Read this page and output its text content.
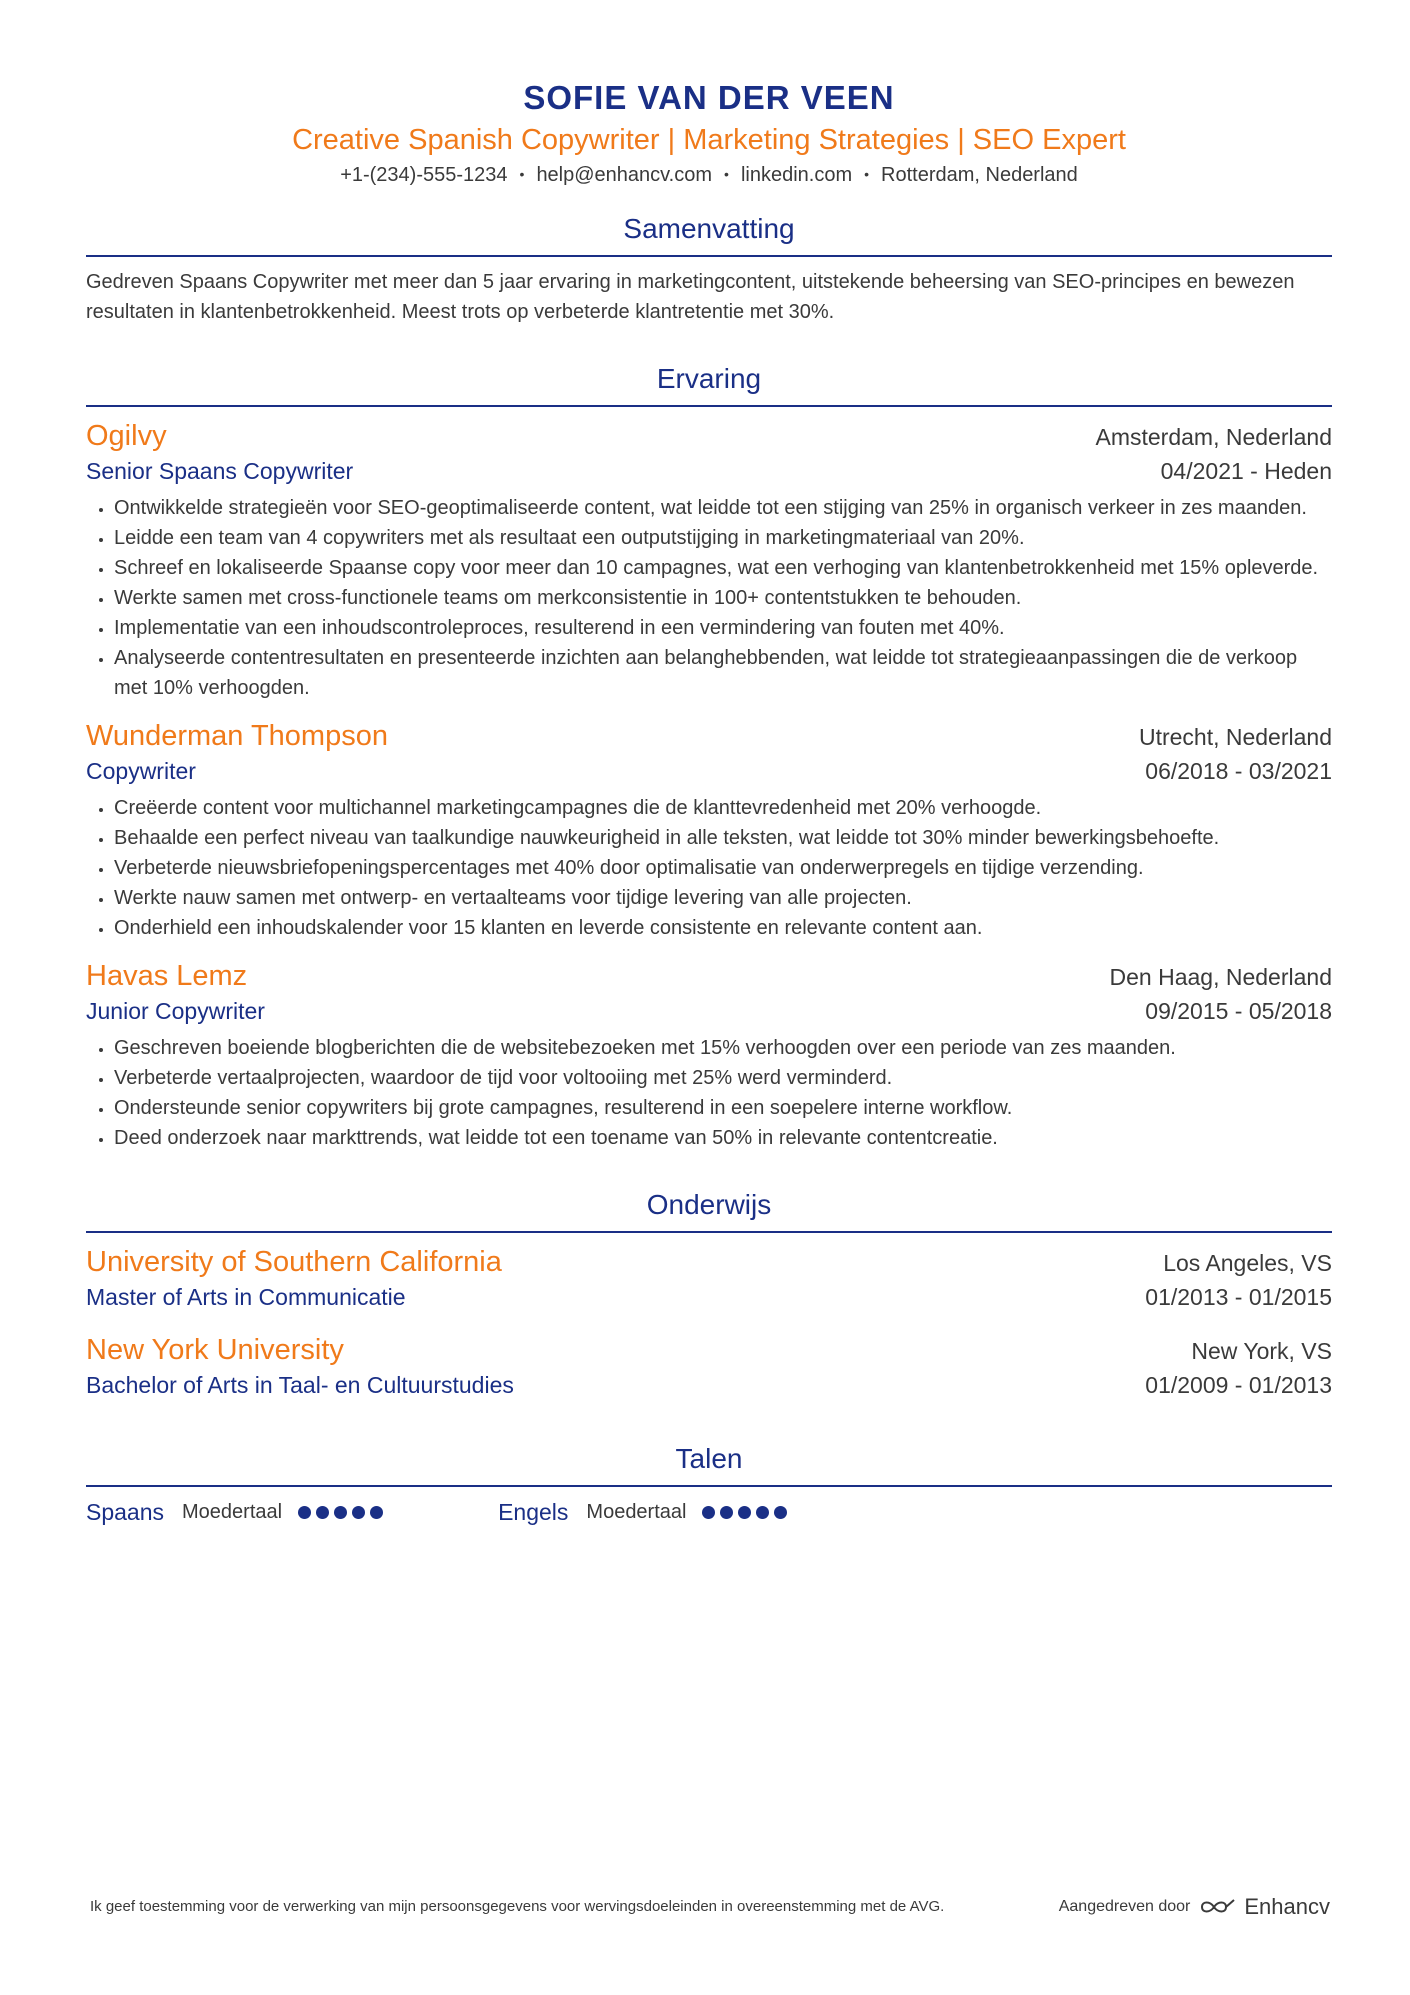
SOFIE VAN DER VEEN
Creative Spanish Copywriter | Marketing Strategies | SEO Expert
+1-(234)-555-1234 • help@enhancv.com • linkedin.com • Rotterdam, Nederland
Samenvatting
Gedreven Spaans Copywriter met meer dan 5 jaar ervaring in marketingcontent, uitstekende beheersing van SEO-principes en bewezen resultaten in klantenbetrokkenheid. Meest trots op verbeterde klantretentie met 30%.
Ervaring
Ogilvy	Amsterdam, Nederland
Senior Spaans Copywriter	04/2021 - Heden
• Ontwikkelde strategieën voor SEO-geoptimaliseerde content, wat leidde tot een stijging van 25% in organisch verkeer in zes maanden.
• Leidde een team van 4 copywriters met als resultaat een outputstijging in marketingmateriaal van 20%.
• Schreef en lokaliseerde Spaanse copy voor meer dan 10 campagnes, wat een verhoging van klantenbetrokkenheid met 15% opleverde.
• Werkte samen met cross-functionele teams om merkconsistentie in 100+ contentstukken te behouden.
• Implementatie van een inhoudscontroleproces, resulterend in een vermindering van fouten met 40%.
• Analyseerde contentresultaten en presenteerde inzichten aan belanghebbenden, wat leidde tot strategieaanpassingen die de verkoop met 10% verhoogden.
Wunderman Thompson	Utrecht, Nederland
Copywriter	06/2018 - 03/2021
• Creëerde content voor multichannel marketingcampagnes die de klanttevredenheid met 20% verhoogde.
• Behaalde een perfect niveau van taalkundige nauwkeurigheid in alle teksten, wat leidde tot 30% minder bewerkingsbehoefte.
• Verbeterde nieuwsbriefopeningspercentages met 40% door optimalisatie van onderwerpregels en tijdige verzending.
• Werkte nauw samen met ontwerp- en vertaalteams voor tijdige levering van alle projecten.
• Onderhield een inhoudskalender voor 15 klanten en leverde consistente en relevante content aan.
Havas Lemz	Den Haag, Nederland
Junior Copywriter	09/2015 - 05/2018
• Geschreven boeiende blogberichten die de websitebezoeken met 15% verhoogden over een periode van zes maanden.
• Verbeterde vertaalprojecten, waardoor de tijd voor voltooiing met 25% werd verminderd.
• Ondersteunde senior copywriters bij grote campagnes, resulterend in een soepelere interne workflow.
• Deed onderzoek naar markttrends, wat leidde tot een toename van 50% in relevante contentcreatie.
Onderwijs
University of Southern California	Los Angeles, VS
Master of Arts in Communicatie	01/2013 - 01/2015
New York University	New York, VS
Bachelor of Arts in Taal- en Cultuurstudies	01/2009 - 01/2013
Talen
Spaans Moedertaal	Engels Moedertaal
Ik geef toestemming voor de verwerking van mijn persoonsgegevens voor wervingsdoeleinden in overeenstemming met de AVG.	Aangedreven door Enhancv
